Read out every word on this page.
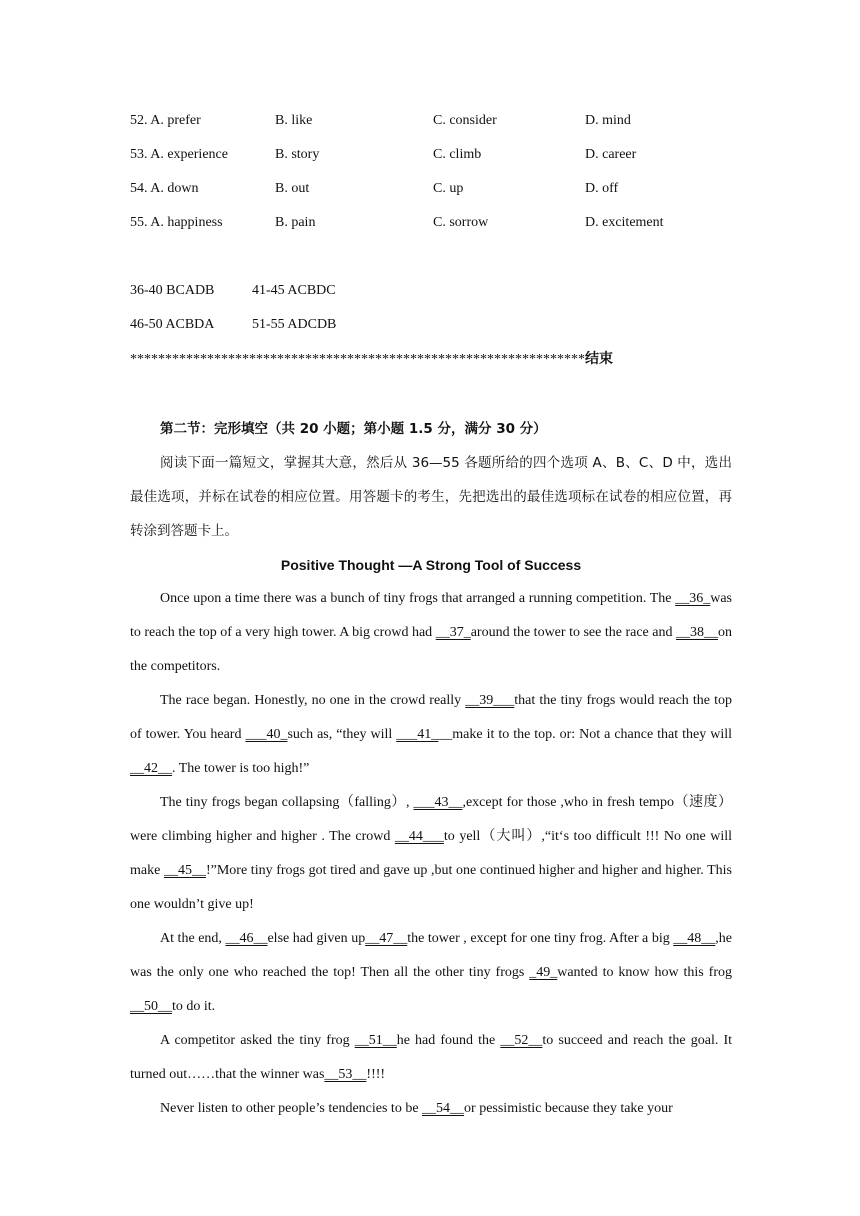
52. A. prefer	B. like	C. consider	D. mind
53. A. experience	B. story	C. climb	D. career
54. A. down	B. out	C. up	D. off
55. A. happiness	B. pain	C. sorrow	D. excitement
36-40 BCADB	41-45 ACBDC
46-50 ACBDA	51-55 ADCDB
*****************************************************************结束
第二节：完形填空（共 20 小题；第小题 1.5 分，满分 30 分）

阅读下面一篇短文，掌握其大意，然后从 36—55 各题所给的四个选项 A、B、C、D 中，选出最佳选项，并标在试卷的相应位置。用答题卡的考生，先把选出的最佳选项标在试卷的相应位置，再转涂到答题卡上。

Positive Thought —A Strong Tool of Success

Once upon a time there was a bunch of tiny frogs that arranged a running competition. The __36_was to reach the top of a very high tower. A big crowd had __37_around the tower to see the race and __38__on the competitors.

The race began. Honestly, no one in the crowd really __39___that the tiny frogs would reach the top of tower. You heard ___40_such as, “they will ___41___make it to the top. or: Not a chance that they will __42__. The tower is too high!”

The tiny frogs began collapsing（falling）, ___43__,except for those ,who in fresh tempo（速度）were climbing higher and higher . The crowd __44___to yell（大叫）,“it‘s too difficult !!! No one will make __45__!”More tiny frogs got tired and gave up ,but one continued higher and higher and higher. This one wouldn’t give up!

At the end, __46__else had given up__47__the tower , except for one tiny frog. After a big __48__,he was the only one who reached the top! Then all the other tiny frogs _49_wanted to know how this frog __50__to do it.

A competitor asked the tiny frog __51__he had found the __52__to succeed and reach the goal. It turned out……that the winner was__53__!!!!

Never listen to other people’s tendencies to be __54__or pessimistic because they take your
